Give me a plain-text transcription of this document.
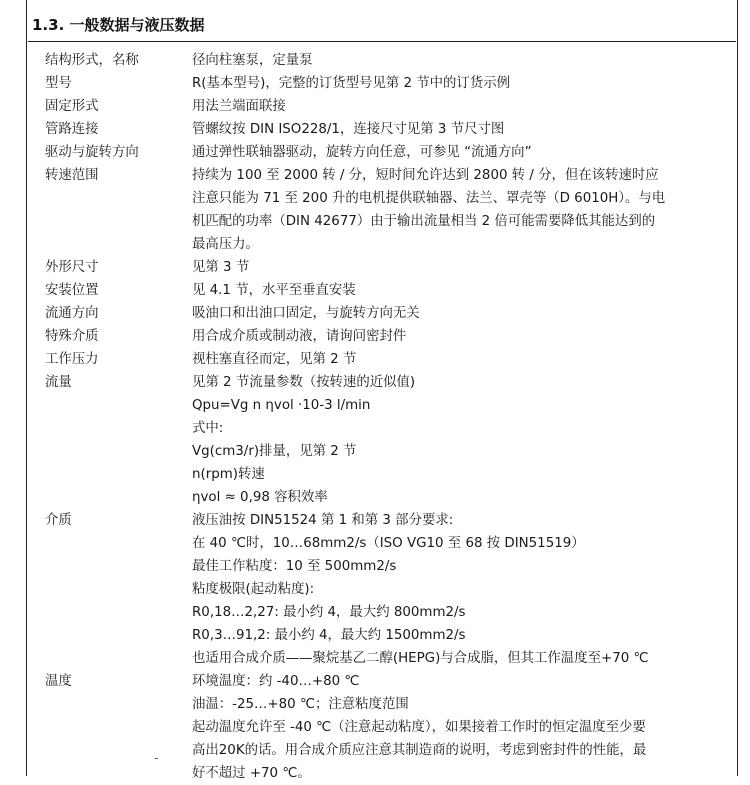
1.3. 一般数据与液压数据
结构形式，名称	径向柱塞泵，定量泵
型号	R(基本型号)，完整的订货型号见第 2 节中的订货示例
固定形式	用法兰端面联接
管路连接	管螺纹按 DIN ISO228/1，连接尺寸见第 3 节尺寸图
驱动与旋转方向	通过弹性联轴器驱动，旋转方向任意，可参见 “流通方向”
转速范围	持续为 100 至 2000 转 / 分，短时间允许达到 2800 转 / 分，但在该转速时应
注意只能为 71 至 200 升的电机提供联轴器、法兰、罩壳等（D 6010H）。与电
机匹配的功率（DIN 42677）由于输出流量相当 2 倍可能需要降低其能达到的
最高压力。
外形尺寸	见第 3 节
安装位置	见 4.1 节，水平至垂直安装
流通方向	吸油口和出油口固定，与旋转方向无关
特殊介质	用合成介质或制动液，请询问密封件
工作压力	视柱塞直径而定，见第 2 节
流量	见第 2 节流量参数（按转速的近似值)
Qpu=Vg n ηvol ·10-3 l/min
式中:
Vg(cm3/r)排量，见第 2 节
n(rpm)转速
ηvol ≈ 0,98 容积效率
介质	液压油按 DIN51524 第 1 和第 3 部分要求:
在 40 ℃时，10…68mm2/s（ISO VG10 至 68 按 DIN51519）
最佳工作粘度：10 至 500mm2/s
粘度极限(起动粘度):
R0,18…2,27: 最小约 4，最大约 800mm2/s
R0,3…91,2: 最小约 4，最大约 1500mm2/s
也适用合成介质——聚烷基乙二醇(HEPG)与合成脂，但其工作温度至+70 ℃
温度	环境温度：约 -40…+80 ℃
油温：-25…+80 ℃；注意粘度范围
起动温度允许至 -40 ℃（注意起动粘度），如果接着工作时的恒定温度至少要
高出20K的话。用合成介质应注意其制造商的说明，考虑到密封件的性能，最
好不超过 +70 ℃。
